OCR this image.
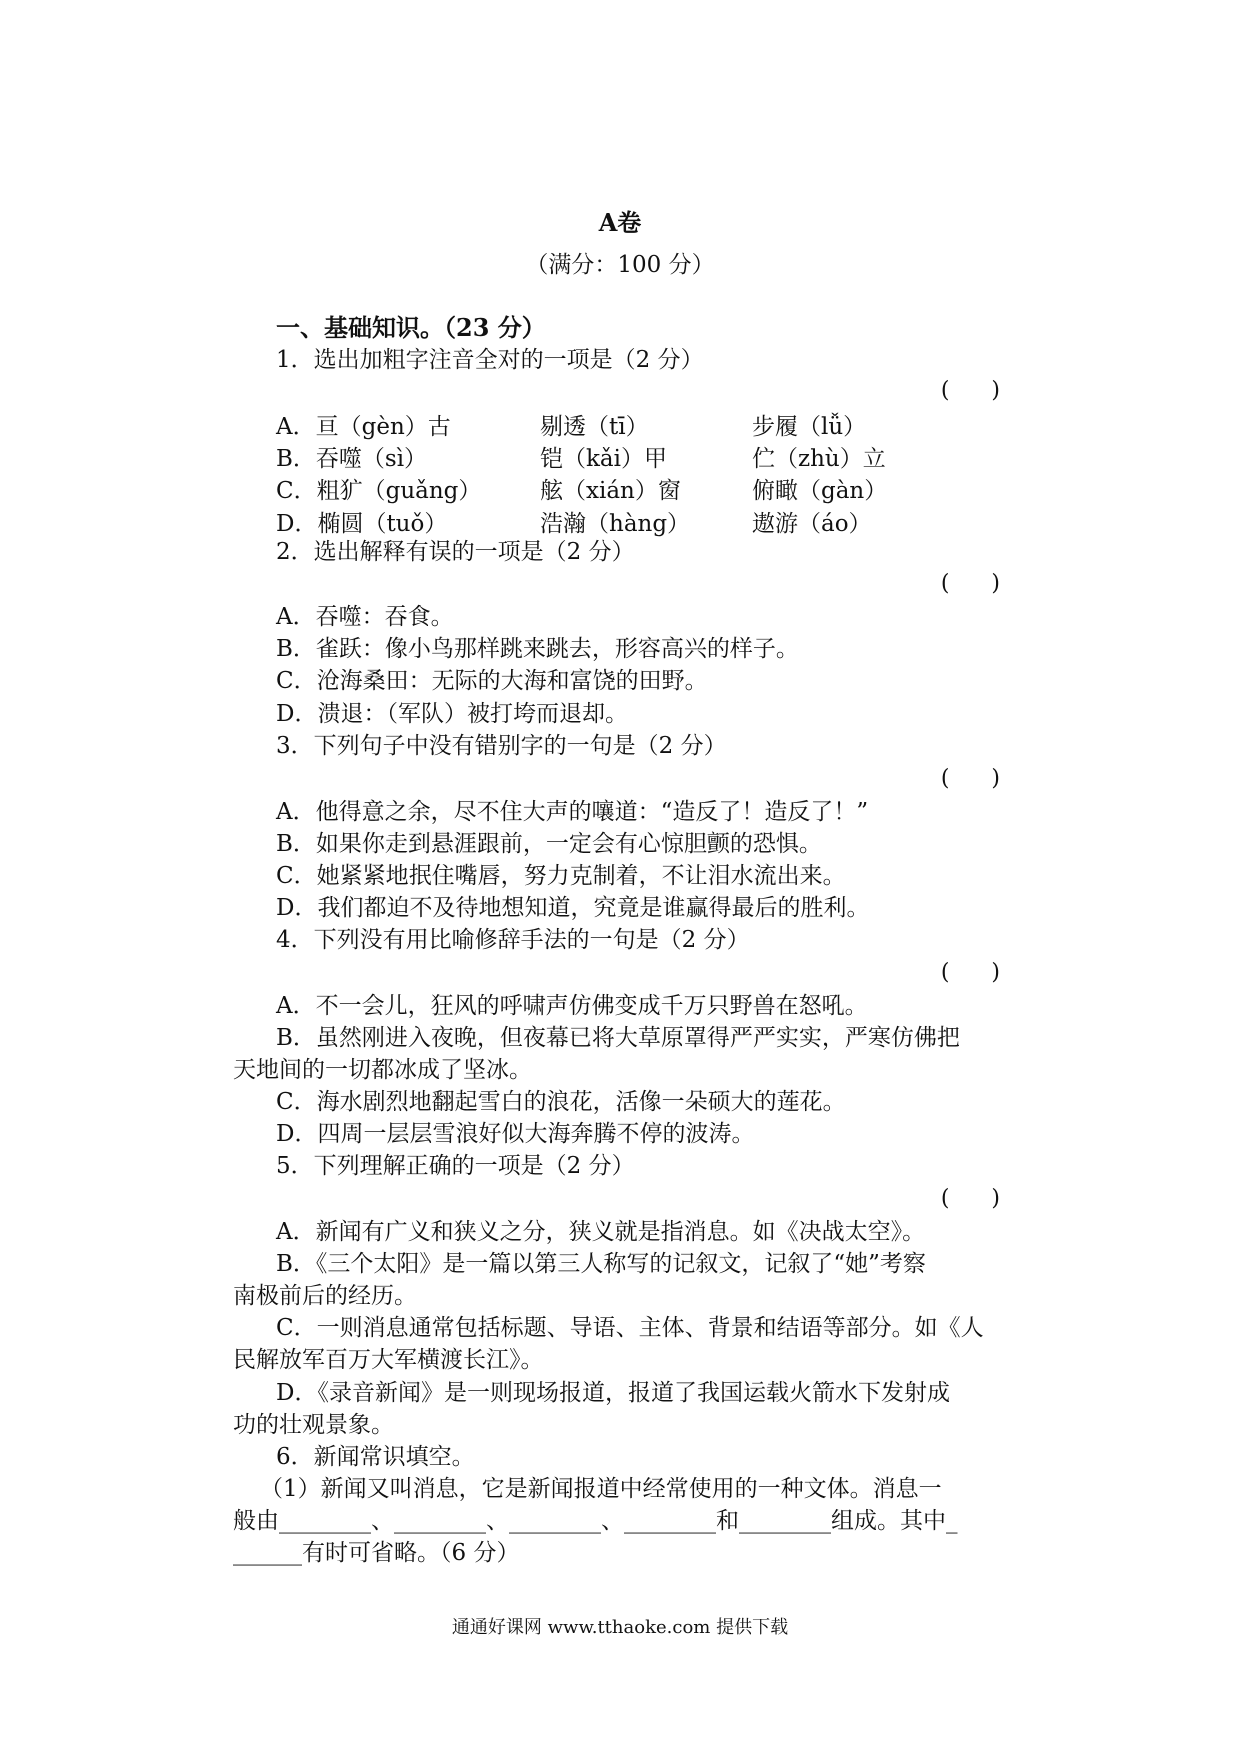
A卷
（满分：100 分）
一、基础知识。（23 分）
1．选出加粗字注音全对的一项是（2 分）
(      )
A．亘（gèn）古	剔透（tī）	步履（lǚ）
B．吞噬（sì）	铠（kǎi）甲	伫（zhù）立
C．粗犷（guǎng）	舷（xián）窗	俯瞰（gàn）
D．椭圆（tuǒ）	浩瀚（hàng）	遨游（áo）
2．选出解释有误的一项是（2 分）
(      )
A．吞噬：吞食。
B．雀跃：像小鸟那样跳来跳去，形容高兴的样子。
C．沧海桑田：无际的大海和富饶的田野。
D．溃退：（军队）被打垮而退却。
3．下列句子中没有错别字的一句是（2 分）
(      )
A．他得意之余，尽不住大声的嚷道：“造反了！造反了！”
B．如果你走到悬涯跟前，一定会有心惊胆颤的恐惧。
C．她紧紧地抿住嘴唇，努力克制着，不让泪水流出来。
D．我们都迫不及待地想知道，究竟是谁赢得最后的胜利。
4．下列没有用比喻修辞手法的一句是（2 分）
(      )
A．不一会儿，狂风的呼啸声仿佛变成千万只野兽在怒吼。
B．虽然刚进入夜晚，但夜幕已将大草原罩得严严实实，严寒仿佛把
天地间的一切都冰成了坚冰。
C．海水剧烈地翻起雪白的浪花，活像一朵硕大的莲花。
D．四周一层层雪浪好似大海奔腾不停的波涛。
5．下列理解正确的一项是（2 分）
(      )
A．新闻有广义和狭义之分，狭义就是指消息。如《决战太空》。
B．《三个太阳》是一篇以第三人称写的记叙文，记叙了“她”考察
南极前后的经历。
C．一则消息通常包括标题、导语、主体、背景和结语等部分。如《人
民解放军百万大军横渡长江》。
D．《录音新闻》是一则现场报道，报道了我国运载火箭水下发射成
功的壮观景象。
6．新闻常识填空。
（1）新闻又叫消息，它是新闻报道中经常使用的一种文体。消息一
般由________、________、________、________和________组成。其中_
______有时可省略。（6 分）
通通好课网 www.tthaoke.com 提供下载
